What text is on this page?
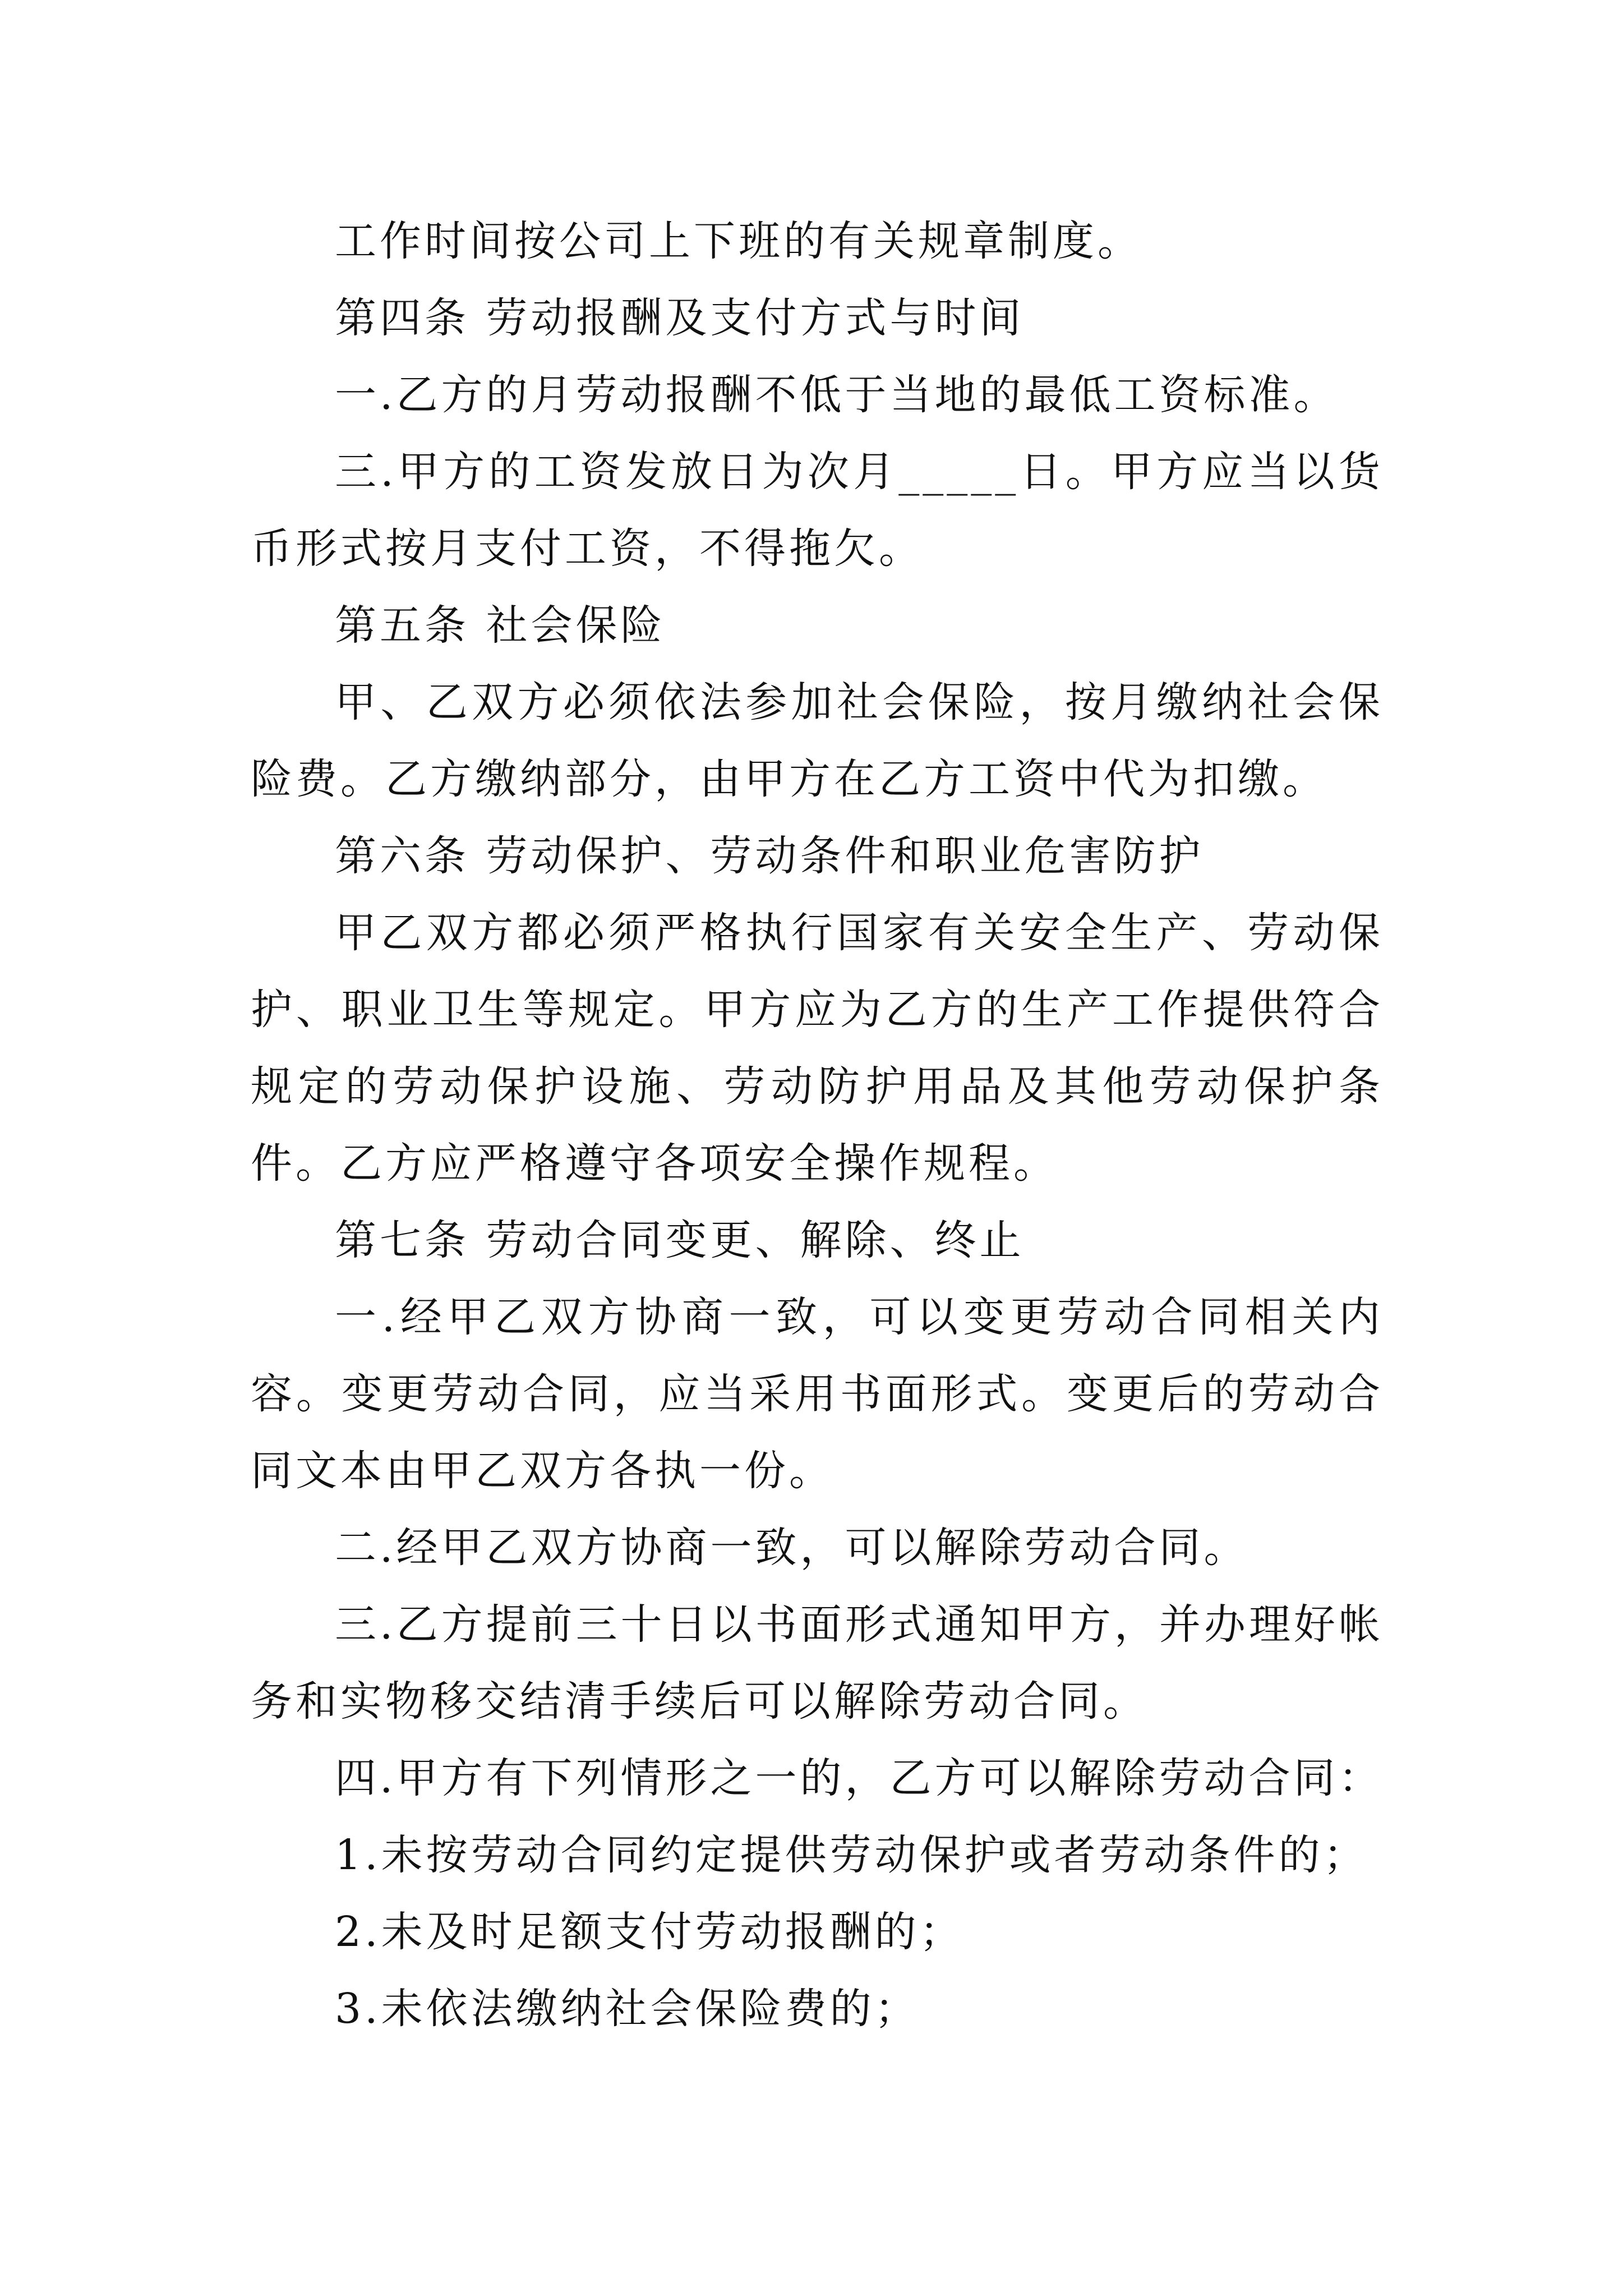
工作时间按公司上下班的有关规章制度。

第四条 劳动报酬及支付方式与时间

一.乙方的月劳动报酬不低于当地的最低工资标准。

三.甲方的工资发放日为次月_____日。甲方应当以货币形式按月支付工资，不得拖欠。

第五条 社会保险

甲、乙双方必须依法参加社会保险，按月缴纳社会保险费。乙方缴纳部分，由甲方在乙方工资中代为扣缴。

第六条 劳动保护、劳动条件和职业危害防护

甲乙双方都必须严格执行国家有关安全生产、劳动保护、职业卫生等规定。甲方应为乙方的生产工作提供符合规定的劳动保护设施、劳动防护用品及其他劳动保护条件。乙方应严格遵守各项安全操作规程。

第七条 劳动合同变更、解除、终止

一.经甲乙双方协商一致，可以变更劳动合同相关内容。变更劳动合同，应当采用书面形式。变更后的劳动合同文本由甲乙双方各执一份。

二.经甲乙双方协商一致，可以解除劳动合同。

三.乙方提前三十日以书面形式通知甲方，并办理好帐务和实物移交结清手续后可以解除劳动合同。

四.甲方有下列情形之一的，乙方可以解除劳动合同：

1.未按劳动合同约定提供劳动保护或者劳动条件的；

2.未及时足额支付劳动报酬的；

3.未依法缴纳社会保险费的；
